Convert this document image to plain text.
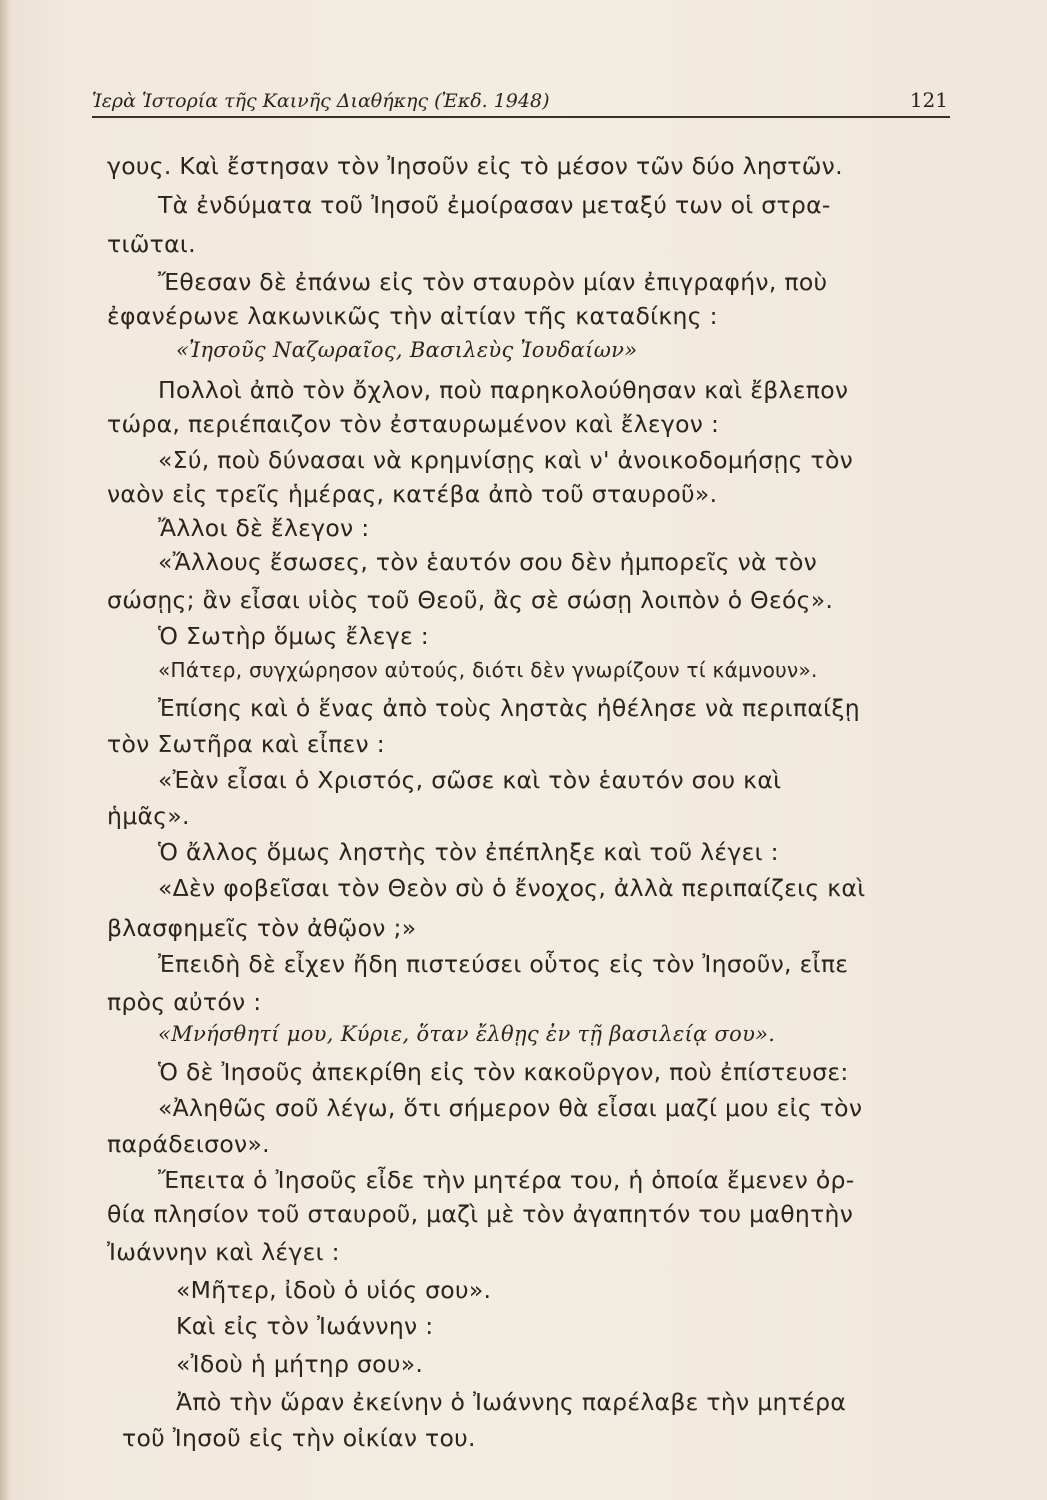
Ἱερὰ Ἱστορία τῆς Καινῆς Διαθήκης (Ἐκδ. 1948)	121
γους. Καὶ ἔστησαν τὸν Ἰησοῦν εἰς τὸ μέσον τῶν δύο ληστῶν.
Τὰ ἐνδύματα τοῦ Ἰησοῦ ἐμοίρασαν μεταξύ των οἱ στρα-
τιῶται.
Ἔθεσαν δὲ ἐπάνω εἰς τὸν σταυρὸν μίαν ἐπιγραφήν, ποὺ
ἐφανέρωνε λακωνικῶς τὴν αἰτίαν τῆς καταδίκης :
«Ἰησοῦς Ναζωραῖος, Βασιλεὺς Ἰουδαίων»
Πολλοὶ ἀπὸ τὸν ὄχλον, ποὺ παρηκολούθησαν καὶ ἔβλεπον
τώρα, περιέπαιζον τὸν ἐσταυρωμένον καὶ ἔλεγον :
«Σύ, ποὺ δύνασαι νὰ κρημνίσῃς καὶ ν' ἀνοικοδομήσῃς τὸν
ναὸν εἰς τρεῖς ἡμέρας, κατέβα ἀπὸ τοῦ σταυροῦ».
Ἄλλοι δὲ ἔλεγον :
«Ἄλλους ἔσωσες, τὸν ἑαυτόν σου δὲν ἠμπορεῖς νὰ τὸν
σώσῃς; ἂν εἶσαι υἱὸς τοῦ Θεοῦ, ἂς σὲ σώσῃ λοιπὸν ὁ Θεός».
Ὁ Σωτὴρ ὅμως ἔλεγε :
«Πάτερ, συγχώρησον αὐτούς, διότι δὲν γνωρίζουν τί κάμνουν».
Ἐπίσης καὶ ὁ ἕνας ἀπὸ τοὺς ληστὰς ἠθέλησε νὰ περιπαίξῃ
τὸν Σωτῆρα καὶ εἶπεν :
«Ἐὰν εἶσαι ὁ Χριστός, σῶσε καὶ τὸν ἑαυτόν σου καὶ
ἡμᾶς».
Ὁ ἄλλος ὅμως ληστὴς τὸν ἐπέπληξε καὶ τοῦ λέγει :
«Δὲν φοβεῖσαι τὸν Θεὸν σὺ ὁ ἔνοχος, ἀλλὰ περιπαίζεις καὶ
βλασφημεῖς τὸν ἀθῷον ;»
Ἐπειδὴ δὲ εἶχεν ἤδη πιστεύσει οὗτος εἰς τὸν Ἰησοῦν, εἶπε
πρὸς αὐτόν :
«Μνήσθητί μου, Κύριε, ὅταν ἔλθῃς ἐν τῇ βασιλείᾳ σου».
Ὁ δὲ Ἰησοῦς ἀπεκρίθη εἰς τὸν κακοῦργον, ποὺ ἐπίστευσε:
«Ἀληθῶς σοῦ λέγω, ὅτι σήμερον θὰ εἶσαι μαζί μου εἰς τὸν
παράδεισον».
Ἔπειτα ὁ Ἰησοῦς εἶδε τὴν μητέρα του, ἡ ὁποία ἔμενεν ὀρ-
θία πλησίον τοῦ σταυροῦ, μαζὶ μὲ τὸν ἀγαπητόν του μαθητὴν
Ἰωάννην καὶ λέγει :
«Μῆτερ, ἰδοὺ ὁ υἱός σου».
Καὶ εἰς τὸν Ἰωάννην :
«Ἰδοὺ ἡ μήτηρ σου».
Ἀπὸ τὴν ὥραν ἐκείνην ὁ Ἰωάννης παρέλαβε τὴν μητέρα
τοῦ Ἰησοῦ εἰς τὴν οἰκίαν του.
